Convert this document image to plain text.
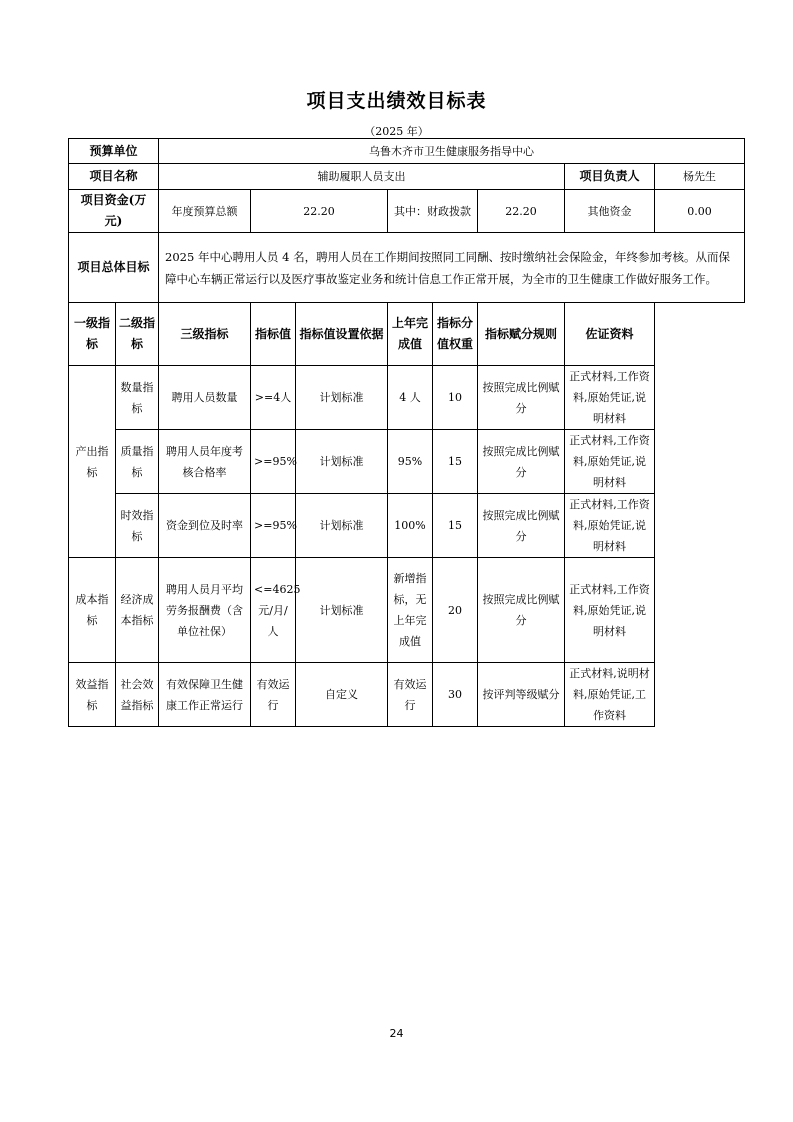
项目支出绩效目标表
（2025 年）
预算单位		乌鲁木齐市卫生健康服务指导中心							
项目名称		辅助履职人员支出						项目负责人	杨先生
项目资金(万元)		年度预算总额	22.20		其中：财政拨款		22.20	其他资金	0.00
项目总体目标		2025 年中心聘用人员 4 名，聘用人员在工作期间按照同工同酬、按时缴纳社会保险金，年终参加考核。从而保障中心车辆正常运行以及医疗事故鉴定业务和统计信息工作正常开展，为全市的卫生健康工作做好服务工作。							
一级指标	二级指标	三级指标	指标值	指标值设置依据	上年完成值	指标分值权重	指标赋分规则	佐证资料	
产出指标	数量指标	聘用人员数量	>=4人	计划标准	4 人	10	按照完成比例赋分	正式材料,工作资料,原始凭证,说明材料	
	质量指标	聘用人员年度考核合格率	>=95%	计划标准	95%	15	按照完成比例赋分	正式材料,工作资料,原始凭证,说明材料	
	时效指标	资金到位及时率	>=95%	计划标准	100%	15	按照完成比例赋分	正式材料,工作资料,原始凭证,说明材料	
成本指标	经济成本指标	聘用人员月平均劳务报酬费（含单位社保）	<=4625元/月/人	计划标准	新增指标，无上年完成值	20	按照完成比例赋分	正式材料,工作资料,原始凭证,说明材料	
效益指标	社会效益指标	有效保障卫生健康工作正常运行	有效运行	自定义	有效运行	30	按评判等级赋分	正式材料,说明材料,原始凭证,工作资料	
24
